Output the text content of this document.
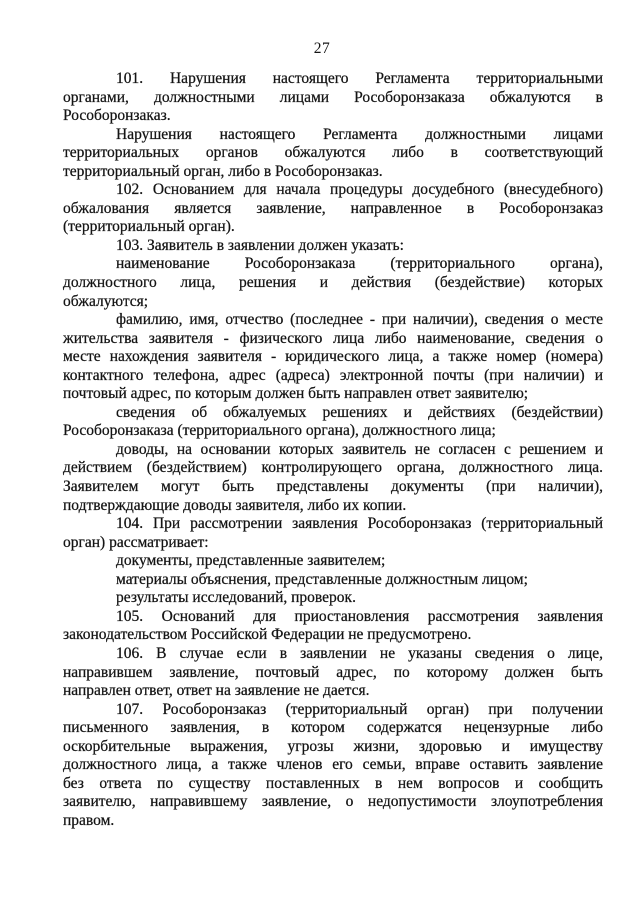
27
101. Нарушения настоящего Регламента территориальными
органами, должностными лицами Рособоронзаказа обжалуются в
Рособоронзаказ.
Нарушения настоящего Регламента должностными лицами
территориальных органов обжалуются либо в соответствующий
территориальный орган, либо в Рособоронзаказ.
102. Основанием для начала процедуры досудебного (внесудебного)
обжалования является заявление, направленное в Рособоронзаказ
(территориальный орган).
103. Заявитель в заявлении должен указать:
наименование Рособоронзаказа (территориального органа),
должностного лица, решения и действия (бездействие) которых
обжалуются;
фамилию, имя, отчество (последнее - при наличии), сведения о месте
жительства заявителя - физического лица либо наименование, сведения о
месте нахождения заявителя - юридического лица, а также номер (номера)
контактного телефона, адрес (адреса) электронной почты (при наличии) и
почтовый адрес, по которым должен быть направлен ответ заявителю;
сведения об обжалуемых решениях и действиях (бездействии)
Рособоронзаказа (территориального органа), должностного лица;
доводы, на основании которых заявитель не согласен с решением и
действием (бездействием) контролирующего органа, должностного лица.
Заявителем могут быть представлены документы (при наличии),
подтверждающие доводы заявителя, либо их копии.
104. При рассмотрении заявления Рособоронзаказ (территориальный
орган) рассматривает:
документы, представленные заявителем;
материалы объяснения, представленные должностным лицом;
результаты исследований, проверок.
105. Оснований для приостановления рассмотрения заявления
законодательством Российской Федерации не предусмотрено.
106. В случае если в заявлении не указаны сведения о лице,
направившем заявление, почтовый адрес, по которому должен быть
направлен ответ, ответ на заявление не дается.
107. Рособоронзаказ (территориальный орган) при получении
письменного заявления, в котором содержатся нецензурные либо
оскорбительные выражения, угрозы жизни, здоровью и имуществу
должностного лица, а также членов его семьи, вправе оставить заявление
без ответа по существу поставленных в нем вопросов и сообщить
заявителю, направившему заявление, о недопустимости злоупотребления
правом.
